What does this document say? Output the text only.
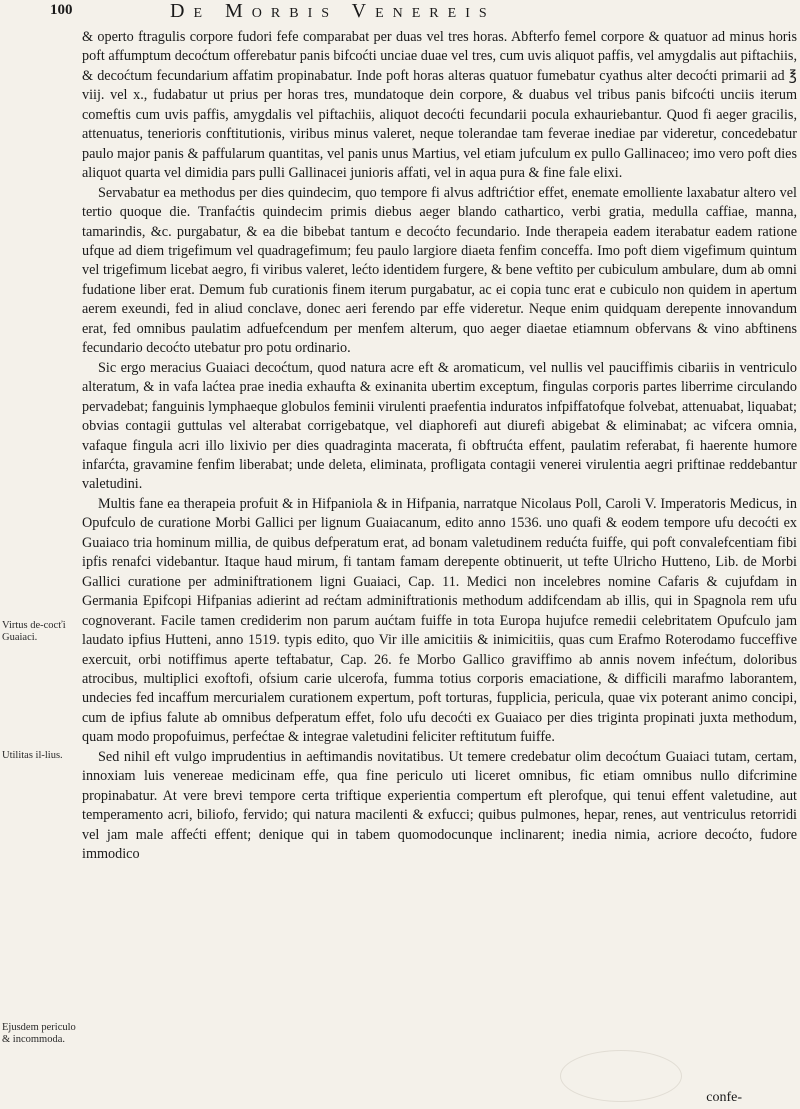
100	De Morbis Venereis
Virtus de-cocťi Guaiaci.
Utilitas il-lius.
Ejusdem periculo & incommoda.

& operto ftragulis corpore fudori fefe comparabat per duas vel tres horas. Abfterfo femel corpore & quatuor ad minus horis poft affumptum decoćtum offerebatur panis bifcoćti unciae duae vel tres, cum uvis aliquot paffis, vel amygdalis aut piftachiis, & decoćtum fecundarium affatim propinabatur. Inde poft horas alteras quatuor fumebatur cyathus alter decoćti primarii ad ℥ viij. vel x., fudabatur ut prius per horas tres, mundatoque dein corpore, & duabus vel tribus panis bifcoćti unciis iterum comeftis cum uvis paffis, amygdalis vel piftachiis, aliquot decoćti fecundarii pocula exhauriebantur. Quod fi aeger gracilis, attenuatus, tenerioris conftitutionis, viribus minus valeret, neque tolerandae tam feverae inediae par videretur, concedebatur paulo major panis & paffularum quantitas, vel panis unus Martius, vel etiam jufculum ex pullo Gallinaceo; imo vero poft dies aliquot quarta vel dimidia pars pulli Gallinacei junioris affati, vel in aqua pura & fine fale elixi.

Servabatur ea methodus per dies quindecim, quo tempore fi alvus adftrićtior effet, enemate emolliente laxabatur altero vel tertio quoque die. Tranfaćtis quindecim primis diebus aeger blando cathartico, verbi gratia, medulla caffiae, manna, tamarindis, &c. purgabatur, & ea die bibebat tantum e decoćto fecundario. Inde therapeia eadem iterabatur eadem ratione ufque ad diem trigefimum vel quadragefimum; feu paulo largiore diaeta fenfim conceffa. Imo poft diem vigefimum quintum vel trigefimum licebat aegro, fi viribus valeret, lećto identidem furgere, & bene veftito per cubiculum ambulare, dum ab omni fudatione liber erat. Demum fub curationis finem iterum purgabatur, ac ei copia tunc erat e cubiculo non quidem in apertum aerem exeundi, fed in aliud conclave, donec aeri ferendo par effe videretur. Neque enim quidquam derepente innovandum erat, fed omnibus paulatim adfuefcendum per menfem alterum, quo aeger diaetae etiamnum obfervans & vino abftinens fecundario decoćto utebatur pro potu ordinario.

Sic ergo meracius Guaiaci decoćtum, quod natura acre eft & aromaticum, vel nullis vel pauciffimis cibariis in ventriculo alteratum, & in vafa laćtea prae inedia exhaufta & exinanita ubertim exceptum, fingulas corporis partes liberrime circulando pervadebat; fanguinis lymphaeque globulos feminii virulenti praefentia induratos infpiffatofque folvebat, attenuabat, liquabat; obvias contagii guttulas vel alterabat corrigebatque, vel diaphorefi aut diurefi abigebat & eliminabat; ac vifcera omnia, vafaque fingula acri illo lixivio per dies quadraginta macerata, fi obftrućta effent, paulatim referabat, fi haerente humore infarćta, gravamine fenfim liberabat; unde deleta, eliminata, profligata contagii venerei virulentia aegri priftinae reddebantur valetudini.

Multis fane ea therapeia profuit & in Hifpaniola & in Hifpania, narratque Nicolaus Poll, Caroli V. Imperatoris Medicus, in Opufculo de curatione Morbi Gallici per lignum Guaiacanum, edito anno 1536. uno quafi & eodem tempore ufu decoćti ex Guaiaco tria hominum millia, de quibus defperatum erat, ad bonam valetudinem redućta fuiffe, qui poft convalefcentiam fibi ipfis renafci videbantur. Itaque haud mirum, fi tantam famam derepente obtinuerit, ut tefte Ulricho Hutteno, Lib. de Morbi Gallici curatione per adminiftrationem ligni Guaiaci, Cap. 11. Medici non incelebres nomine Cafaris & cujufdam in Germania Epifcopi Hifpanias adierint ad rećtam adminiftrationis methodum addifcendam ab illis, qui in Spagnola rem ufu cognoverant. Facile tamen crediderim non parum aućtam fuiffe in tota Europa hujufce remedii celebritatem Opufculo jam laudato ipfius Hutteni, anno 1519. typis edito, quo Vir ille amicitiis & inimicitiis, quas cum Erafmo Roterodamo fucceffive exercuit, orbi notiffimus aperte teftabatur, Cap. 26. fe Morbo Gallico graviffimo ab annis novem infećtum, doloribus atrocibus, multiplici exoftofi, ofsium carie ulcerofa, fumma totius corporis emaciatione, & difficili marafmo laborantem, undecies fed incaffum mercurialem curationem expertum, poft torturas, fupplicia, pericula, quae vix poterant animo concipi, cum de ipfius falute ab omnibus defperatum effet, folo ufu decoćti ex Guaiaco per dies triginta propinati juxta methodum, quam modo propofuimus, perfećtae & integrae valetudini feliciter reftitutum fuiffe.

Sed nihil eft vulgo imprudentius in aeftimandis novitatibus. Ut temere credebatur olim decoćtum Guaiaci tutam, certam, innoxiam luis venereae medicinam effe, qua fine periculo uti liceret omnibus, fic etiam omnibus nullo difcrimine propinabatur. At vere brevi tempore certa triftique experientia compertum eft plerofque, qui tenui effent valetudine, aut temperamento acri, biliofo, fervido; qui natura macilenti & exfucci; quibus pulmones, hepar, renes, aut ventriculus retorridi vel jam male affećti effent; denique qui in tabem quomodocunque inclinarent; inedia nimia, acriore decoćto, fudore immodico

confe-
